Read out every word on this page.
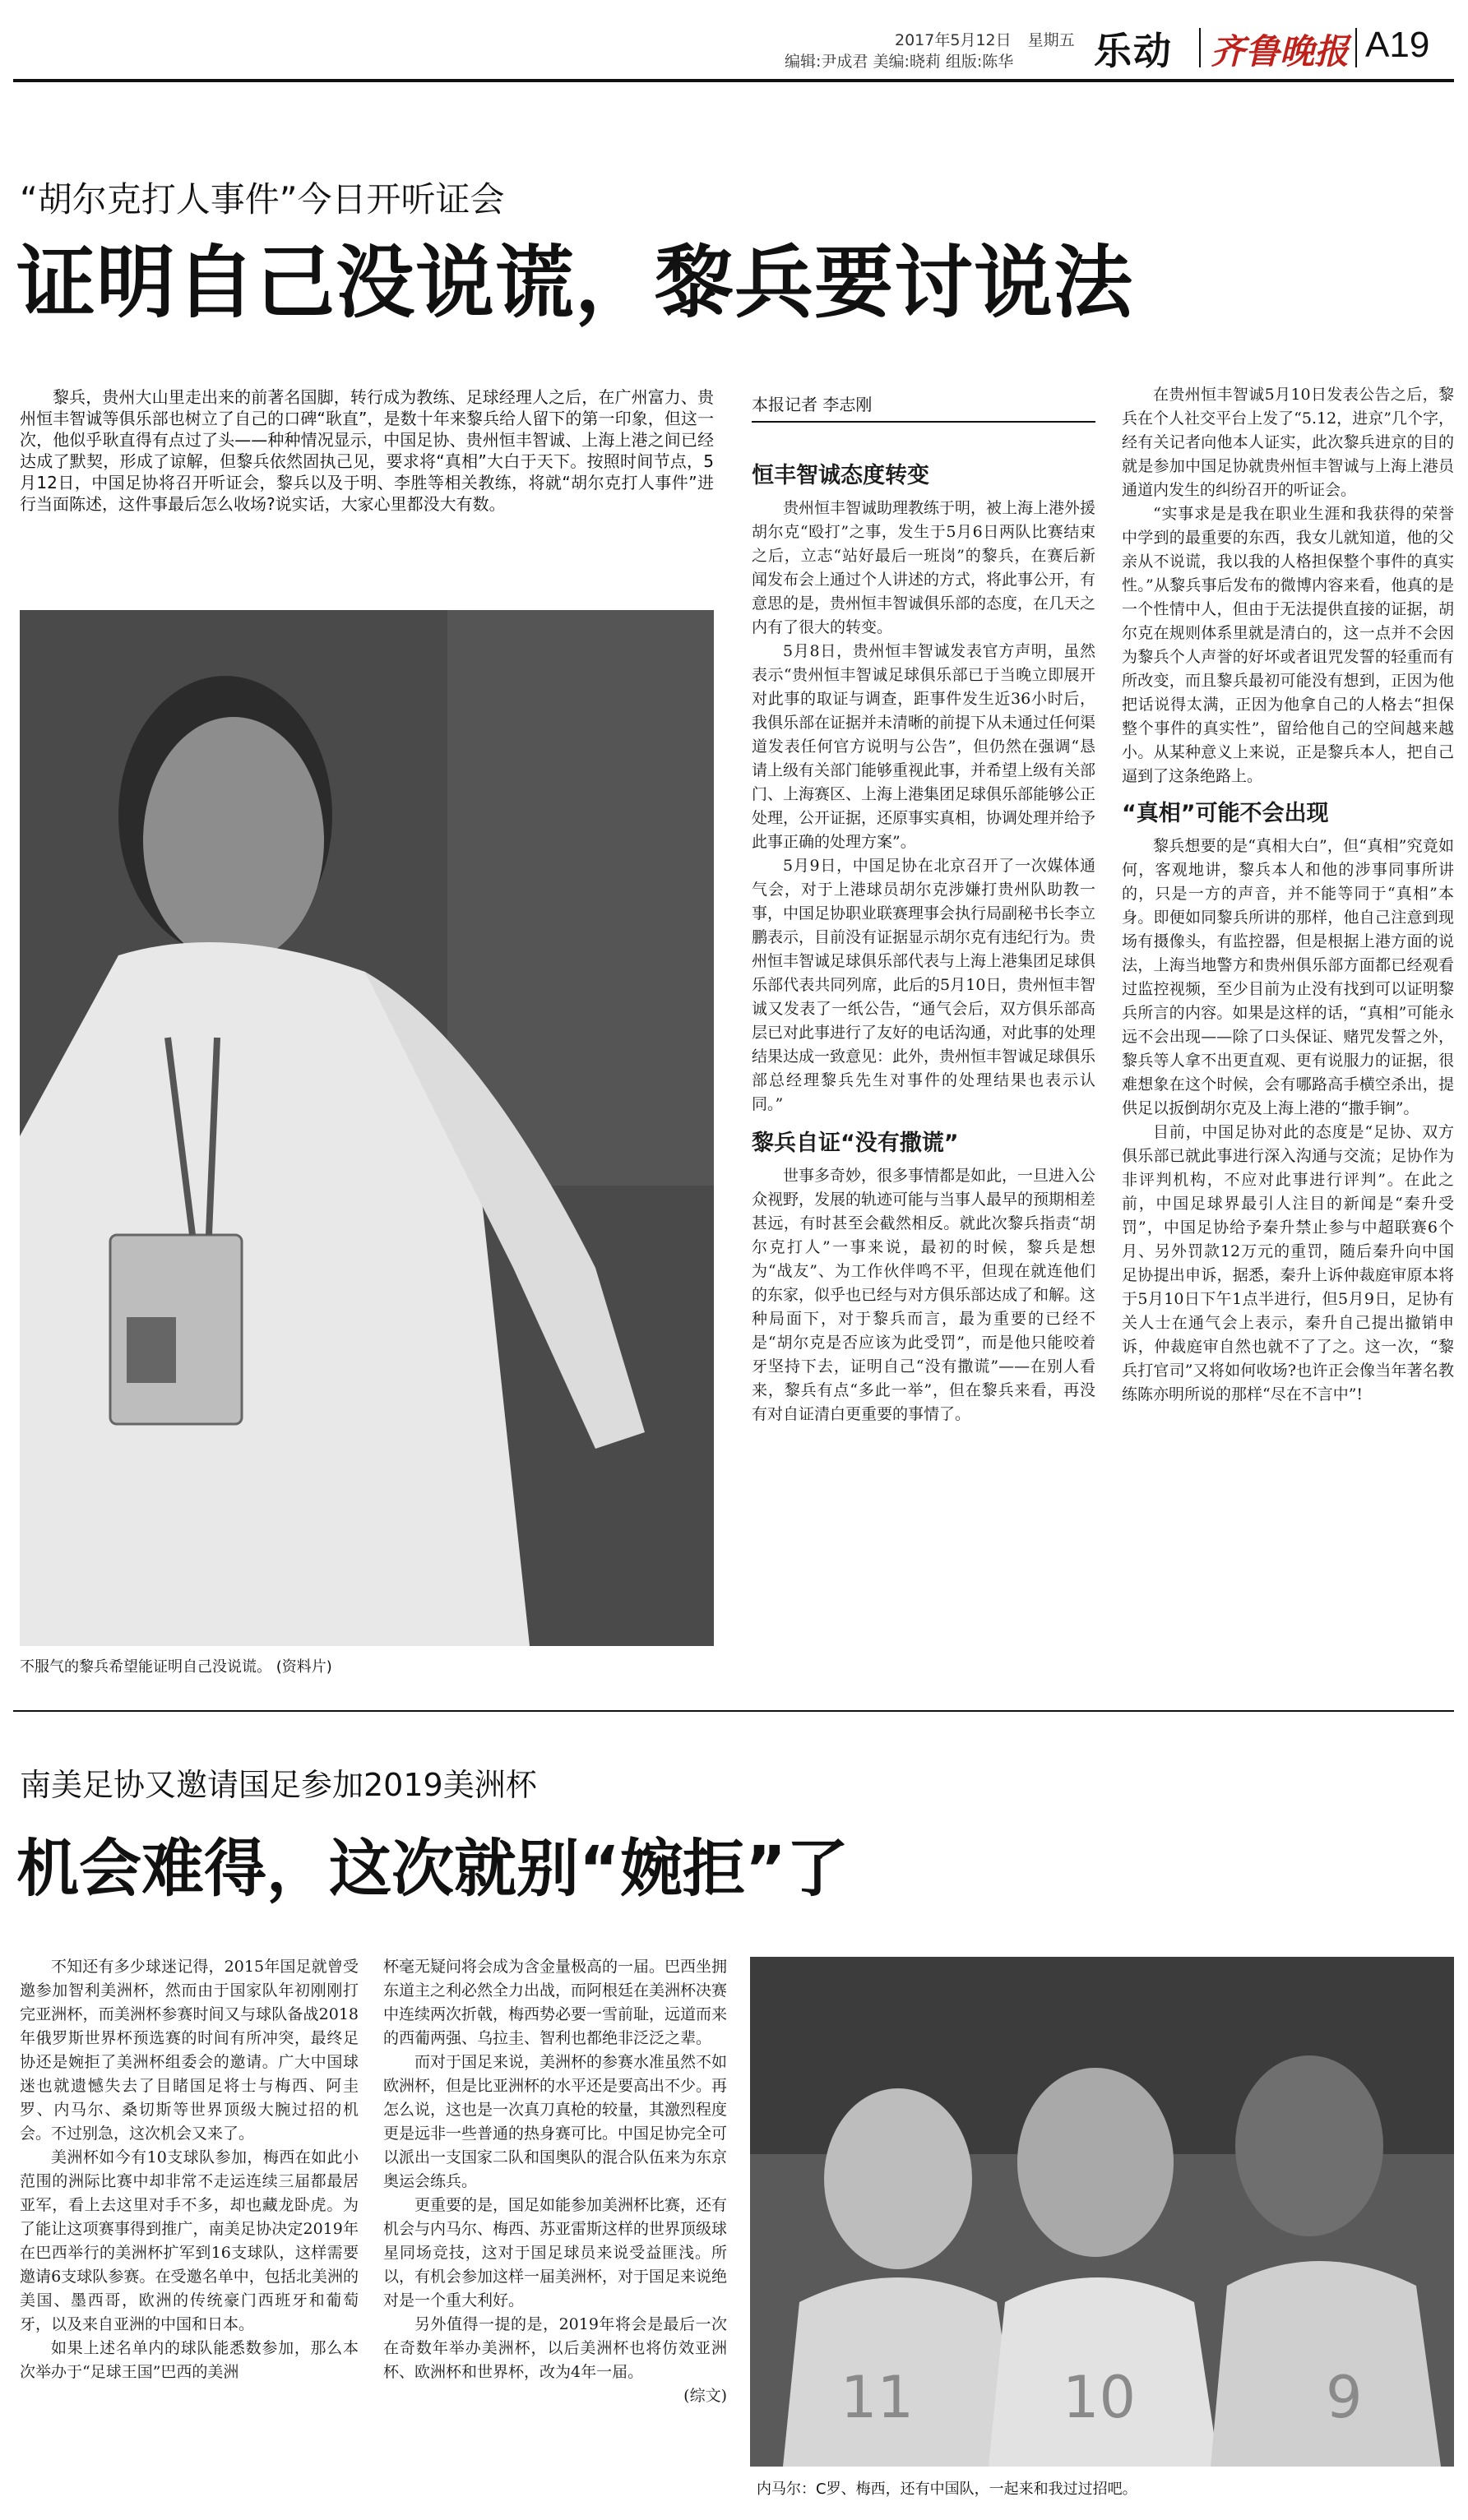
2017年5月12日 星期五
编辑:尹成君 美编:晓莉 组版:陈华 乐动 齐鲁晚报 A19
“胡尔克打人事件”今日开听证会
证明自己没说谎，黎兵要讨说法
黎兵，贵州大山里走出来的前著名国脚，转行成为教练、足球经理人之后，在广州富力、贵州恒丰智诚等俱乐部也树立了自己的口碑“耿直”，是数十年来黎兵给人留下的第一印象，但这一次，他似乎耿直得有点过了头——种种情况显示，中国足协、贵州恒丰智诚、上海上港之间已经达成了默契，形成了谅解，但黎兵依然固执己见，要求将“真相”大白于天下。按照时间节点，5月12日，中国足协将召开听证会，黎兵以及于明、李胜等相关教练，将就“胡尔克打人事件”进行当面陈述，这件事最后怎么收场?说实话，大家心里都没大有数。
不服气的黎兵希望能证明自己没说谎。 (资料片)
本报记者 李志刚
恒丰智诚态度转变

贵州恒丰智诚助理教练于明，被上海上港外援胡尔克“殴打”之事，发生于5月6日两队比赛结束之后，立志“站好最后一班岗”的黎兵，在赛后新闻发布会上通过个人讲述的方式，将此事公开，有意思的是，贵州恒丰智诚俱乐部的态度，在几天之内有了很大的转变。

5月8日，贵州恒丰智诚发表官方声明，虽然表示“贵州恒丰智诚足球俱乐部已于当晚立即展开对此事的取证与调查，距事件发生近36小时后，我俱乐部在证据并未清晰的前提下从未通过任何渠道发表任何官方说明与公告”，但仍然在强调“恳请上级有关部门能够重视此事，并希望上级有关部门、上海赛区、上海上港集团足球俱乐部能够公正处理，公开证据，还原事实真相，协调处理并给予此事正确的处理方案”。

5月9日，中国足协在北京召开了一次媒体通气会，对于上港球员胡尔克涉嫌打贵州队助教一事，中国足协职业联赛理事会执行局副秘书长李立鹏表示，目前没有证据显示胡尔克有违纪行为。贵州恒丰智诚足球俱乐部代表与上海上港集团足球俱乐部代表共同列席，此后的5月10日，贵州恒丰智诚又发表了一纸公告，“通气会后，双方俱乐部高层已对此事进行了友好的电话沟通，对此事的处理结果达成一致意见：此外，贵州恒丰智诚足球俱乐部总经理黎兵先生对事件的处理结果也表示认同。”

黎兵自证“没有撒谎”

世事多奇妙，很多事情都是如此，一旦进入公众视野，发展的轨迹可能与当事人最早的预期相差甚远，有时甚至会截然相反。就此次黎兵指责“胡尔克打人”一事来说，最初的时候，黎兵是想为“战友”、为工作伙伴鸣不平，但现在就连他们的东家，似乎也已经与对方俱乐部达成了和解。这种局面下，对于黎兵而言，最为重要的已经不是“胡尔克是否应该为此受罚”，而是他只能咬着牙坚持下去，证明自己“没有撒谎”——在别人看来，黎兵有点“多此一举”，但在黎兵来看，再没有对自证清白更重要的事情了。

在贵州恒丰智诚5月10日发表公告之后，黎兵在个人社交平台上发了“5.12，进京”几个字，经有关记者向他本人证实，此次黎兵进京的目的就是参加中国足协就贵州恒丰智诚与上海上港员通道内发生的纠纷召开的听证会。

“实事求是是我在职业生涯和我获得的荣誉中学到的最重要的东西，我女儿就知道，他的父亲从不说谎，我以我的人格担保整个事件的真实性。”从黎兵事后发布的微博内容来看，他真的是一个性情中人，但由于无法提供直接的证据，胡尔克在规则体系里就是清白的，这一点并不会因为黎兵个人声誉的好坏或者诅咒发誓的轻重而有所改变，而且黎兵最初可能没有想到，正因为他把话说得太满，正因为他拿自己的人格去“担保整个事件的真实性”，留给他自己的空间越来越小。从某种意义上来说，正是黎兵本人，把自己逼到了这条绝路上。

“真相”可能不会出现

黎兵想要的是“真相大白”，但“真相”究竟如何，客观地讲，黎兵本人和他的涉事同事所讲的，只是一方的声音，并不能等同于“真相”本身。即便如同黎兵所讲的那样，他自己注意到现场有摄像头，有监控器，但是根据上港方面的说法，上海当地警方和贵州俱乐部方面都已经观看过监控视频，至少目前为止没有找到可以证明黎兵所言的内容。如果是这样的话，“真相”可能永远不会出现——除了口头保证、赌咒发誓之外，黎兵等人拿不出更直观、更有说服力的证据，很难想象在这个时候，会有哪路高手横空杀出，提供足以扳倒胡尔克及上海上港的“撒手锏”。

目前，中国足协对此的态度是“足协、双方俱乐部已就此事进行深入沟通与交流；足协作为非评判机构，不应对此事进行评判”。在此之前，中国足球界最引人注目的新闻是“秦升受罚”，中国足协给予秦升禁止参与中超联赛6个月、另外罚款12万元的重罚，随后秦升向中国足协提出申诉，据悉，秦升上诉仲裁庭审原本将于5月10日下午1点半进行，但5月9日，足协有关人士在通气会上表示，秦升自己提出撤销申诉，仲裁庭审自然也就不了了之。这一次，“黎兵打官司”又将如何收场?也许正会像当年著名教练陈亦明所说的那样“尽在不言中”!

南美足协又邀请国足参加2019美洲杯
机会难得，这次就别“婉拒”了

不知还有多少球迷记得，2015年国足就曾受邀参加智利美洲杯，然而由于国家队年初刚刚打完亚洲杯，而美洲杯参赛时间又与球队备战2018年俄罗斯世界杯预选赛的时间有所冲突，最终足协还是婉拒了美洲杯组委会的邀请。广大中国球迷也就遗憾失去了目睹国足将士与梅西、阿圭罗、内马尔、桑切斯等世界顶级大腕过招的机会。不过别急，这次机会又来了。

美洲杯如今有10支球队参加，梅西在如此小范围的洲际比赛中却非常不走运连续三届都最居亚军，看上去这里对手不多，却也藏龙卧虎。为了能让这项赛事得到推广，南美足协决定2019年在巴西举行的美洲杯扩军到16支球队，这样需要邀请6支球队参赛。在受邀名单中，包括北美洲的美国、墨西哥，欧洲的传统豪门西班牙和葡萄牙，以及来自亚洲的中国和日本。

如果上述名单内的球队能悉数参加，那么本次举办于“足球王国”巴西的美洲

杯毫无疑问将会成为含金量极高的一届。巴西坐拥东道主之利必然全力出战，而阿根廷在美洲杯决赛中连续两次折戟，梅西势必要一雪前耻，远道而来的西葡两强、乌拉圭、智利也都绝非泛泛之辈。

而对于国足来说，美洲杯的参赛水准虽然不如欧洲杯，但是比亚洲杯的水平还是要高出不少。再怎么说，这也是一次真刀真枪的较量，其激烈程度更是远非一些普通的热身赛可比。中国足协完全可以派出一支国家二队和国奥队的混合队伍来为东京奥运会练兵。

更重要的是，国足如能参加美洲杯比赛，还有机会与内马尔、梅西、苏亚雷斯这样的世界顶级球星同场竞技，这对于国足球员来说受益匪浅。所以，有机会参加这样一届美洲杯，对于国足来说绝对是一个重大利好。

另外值得一提的是，2019年将会是最后一次在奇数年举办美洲杯，以后美洲杯也将仿效亚洲杯、欧洲杯和世界杯，改为4年一届。

(综文) 11	10	9
内马尔：C罗、梅西，还有中国队，一起来和我过过招吧。
